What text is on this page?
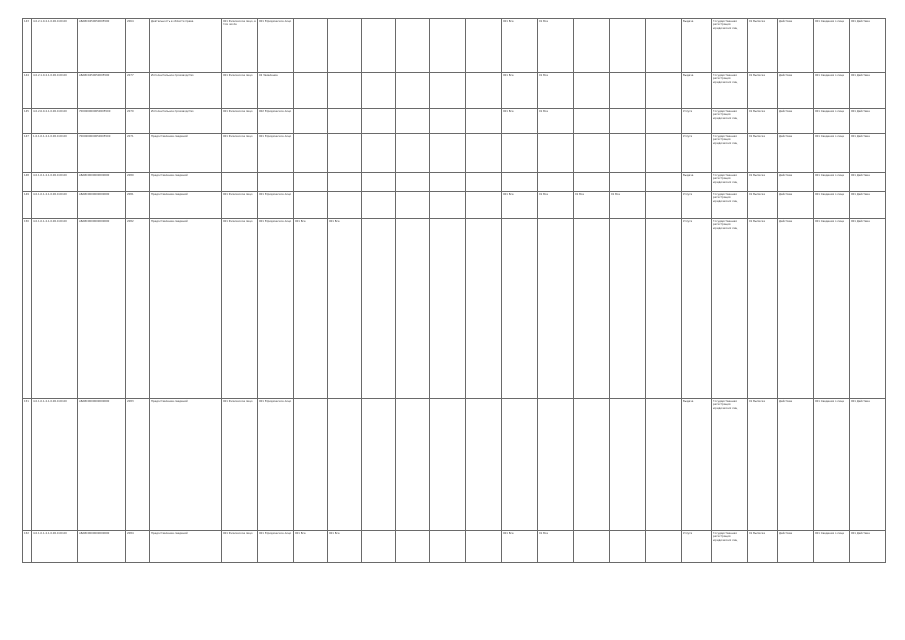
143	4.0.2.1.0.4.1.0.00.0.00.00	ABABC0450050005500	2064	Деятельность в области права	001 Физическое лицо, в том числе	001 Юридическое лицо							001 Все	01 Все				Выдача	Государственная регистрация юридических лиц	01 Выписка	Действие	001 Сведения о лице	001 Действие
144	4.0.2.1.0.4.1.0.00.0.00.00	ABABC0450050005500	2077	Исполнительное производство	001 Физическое лицо	02 Заявление							001 Все	01 Все				Выдача	Государственная регистрация юридических лиц	01 Выписка	Действие	001 Сведения о лице	001 Действие
145	4.0.2.6.0.4.1.0.00.0.00.00	7000000000050005500	2070	Исполнительное производство	001 Физическое лицо	002 Юридическое лицо							001 Все	01 Все				Услуга	Государственная регистрация юридических лиц	01 Выписка	Действие	001 Сведения о лице	001 Действие
147	1.0.1.0.1.4.1.0.00.0.00.00	7000000000050005500	2071	Предоставление сведений	001 Физическое лицо	001 Юридическое лицо												Услуга	Государственная регистрация юридических лиц	01 Выписка	Действие	001 Сведения о лице	001 Действие
148	4.0.1.0.1.4.1.0.00.0.00.00	ABABC0000000000000	2080	Предоставление сведений														Выдача	Государственная регистрация юридических лиц	01 Выписка	Действие	001 Сведения о лице	001 Действие
149	4.0.1.0.1.4.1.0.00.0.00.00	ABABC0000000000000	2081	Предоставление сведений	001 Физическое лицо	001 Юридическое лицо							001 Все	01 Все	01 Все	01 Все		Услуга	Государственная регистрация юридических лиц	01 Выписка	Действие	001 Сведения о лице	001 Действие
150	4.0.1.0.1.4.1.0.00.0.00.00	ABABC0000000000000	2082	Предоставление сведений	001 Физическое лицо	001 Юридическое лицо	001 Все	001 Все										Услуга	Государственная регистрация юридических лиц	01 Выписка	Действие	001 Сведения о лице	001 Действие
151	4.0.1.0.1.4.1.0.00.0.00.00	ABABC0000000000000	2083	Предоставление сведений	001 Физическое лицо	001 Юридическое лицо												Выдача	Государственная регистрация юридических лиц	01 Выписка	Действие	001 Сведения о лице	001 Действие
152	4.0.1.0.1.4.1.0.00.0.00.00	ABABC0000000000000	2084	Предоставление сведений	001 Физическое лицо	001 Юридическое лицо	001 Все	001 Все					001 Все	01 Все				Услуга	Государственная регистрация юридических лиц	01 Выписка	Действие	001 Сведения о лице	001 Действие
